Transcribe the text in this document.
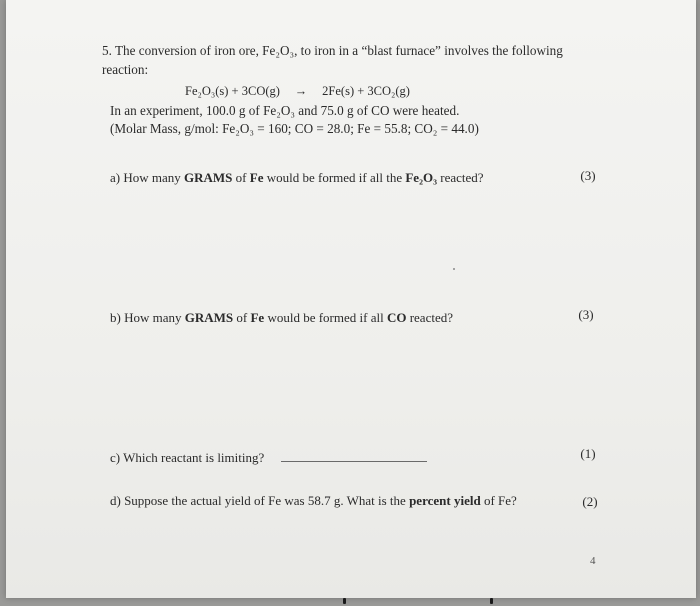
5. The conversion of iron ore, Fe₂O₃, to iron in a “blast furnace” involves the following
reaction:
Fe₂O₃(s) + 3CO(g) → 2Fe(s) + 3CO₂(g)
In an experiment, 100.0 g of Fe₂O₃ and 75.0 g of CO were heated.
(Molar Mass, g/mol: Fe₂O₃ = 160; CO = 28.0; Fe = 55.8; CO₂ = 44.0)
a) How many GRAMS of Fe would be formed if all the Fe₂O₃ reacted?	(3)
b) How many GRAMS of Fe would be formed if all CO reacted?	(3)
c) Which reactant is limiting?	(1)
d) Suppose the actual yield of Fe was 58.7 g. What is the percent yield of Fe?	(2)
4
